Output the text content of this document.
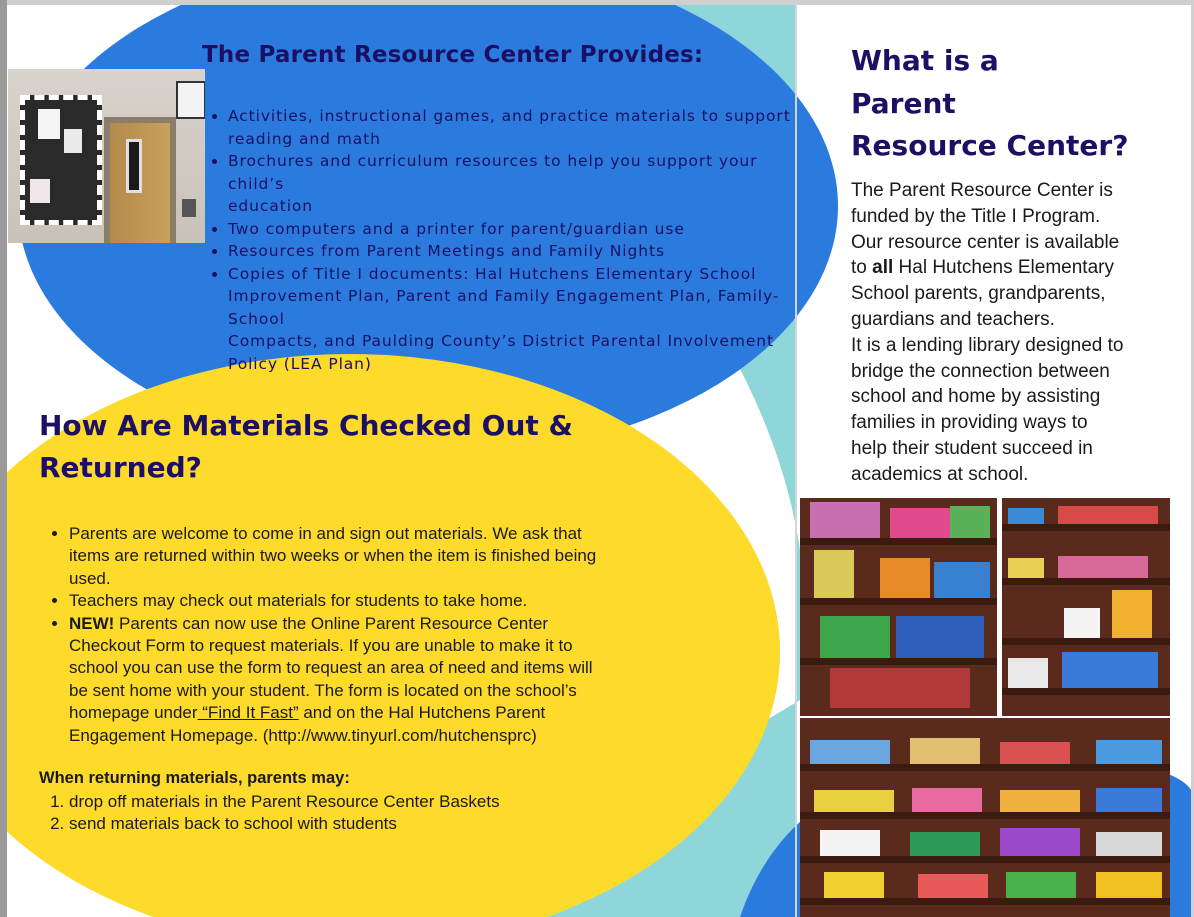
The Parent Resource Center Provides:
• Activities, instructional games, and practice materials to support
reading and math
• Brochures and curriculum resources to help you support your child’s
education
• Two computers and a printer for parent/guardian use
• Resources from Parent Meetings and Family Nights
• Copies of Title I documents: Hal Hutchens Elementary School
Improvement Plan, Parent and Family Engagement Plan, Family-
School
Compacts, and Paulding County’s District Parental Involvement
Policy (LEA Plan)
What is a
Parent
Resource Center?

The Parent Resource Center is
funded by the Title I Program.
Our resource center is available
to all Hal Hutchens Elementary
School parents, grandparents,
guardians and teachers.
It is a lending library designed to
bridge the connection between
school and home by assisting
families in providing ways to
help their student succeed in
academics at school.

How Are Materials Checked Out &
Returned?
• Parents are welcome to come in and sign out materials. We ask that
items are returned within two weeks or when the item is finished being
used.
• Teachers may check out materials for students to take home.
• NEW! Parents can now use the Online Parent Resource Center
Checkout Form to request materials. If you are unable to make it to
school you can use the form to request an area of need and items will
be sent home with your student. The form is located on the school’s
homepage under “Find It Fast” and on the Hal Hutchens Parent
Engagement Homepage. (http://www.tinyurl.com/hutchensprc)

When returning materials, parents may:

1. drop off materials in the Parent Resource Center Baskets
2. send materials back to school with students
